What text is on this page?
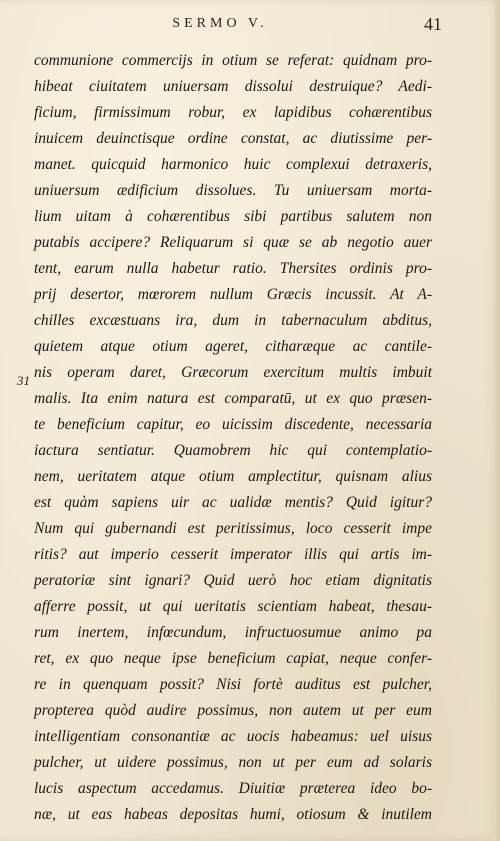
SERMO V.	41
31
communione commercijs in otium se referat: quidnam pro-
hibeat ciuitatem uniuersam dissolui destruique? Aedi-
ficium, firmissimum robur, ex lapidibus cohærentibus
inuicem deuinctisque ordine constat, ac diutissime per-
manet. quicquid harmonico huic complexui detraxeris,
uniuersum ædificium dissolues. Tu uniuersam morta-
lium uitam à cohærentibus sibi partibus salutem non
putabis accipere? Reliquarum si quæ se ab negotio auer
tent, earum nulla habetur ratio. Thersites ordinis pro-
prij desertor, mœrorem nullum Græcis incussit. At A-
chilles excæstuans ira, dum in tabernaculum abditus,
quietem atque otium ageret, citharæque ac cantile-
nis operam daret, Græcorum exercitum multis imbuit
malis. Ita enim natura est comparatū, ut ex quo præsen-
te beneficium capitur, eo uicissim discedente, necessaria
iactura sentiatur. Quamobrem hic qui contemplatio-
nem, ueritatem atque otium amplectitur, quisnam alius
est quàm sapiens uir ac ualidæ mentis? Quid igitur?
Num qui gubernandi est peritissimus, loco cesserit impe
ritis? aut imperio cesserit imperator illis qui artis im-
peratoriæ sint ignari? Quid uerò hoc etiam dignitatis
afferre possit, ut qui ueritatis scientiam habeat, thesau-
rum inertem, infœcundum, infructuosumue animo pa
ret, ex quo neque ipse beneficium capiat, neque confer-
re in quenquam possit? Nisi fortè auditus est pulcher,
propterea quòd audire possimus, non autem ut per eum
intelligentiam consonantiæ ac uocis habeamus: uel uisus
pulcher, ut uidere possimus, non ut per eum ad solaris
lucis aspectum accedamus. Diuitiæ præterea ideo bo-
næ, ut eas habeas depositas humi, otiosum & inutilem
